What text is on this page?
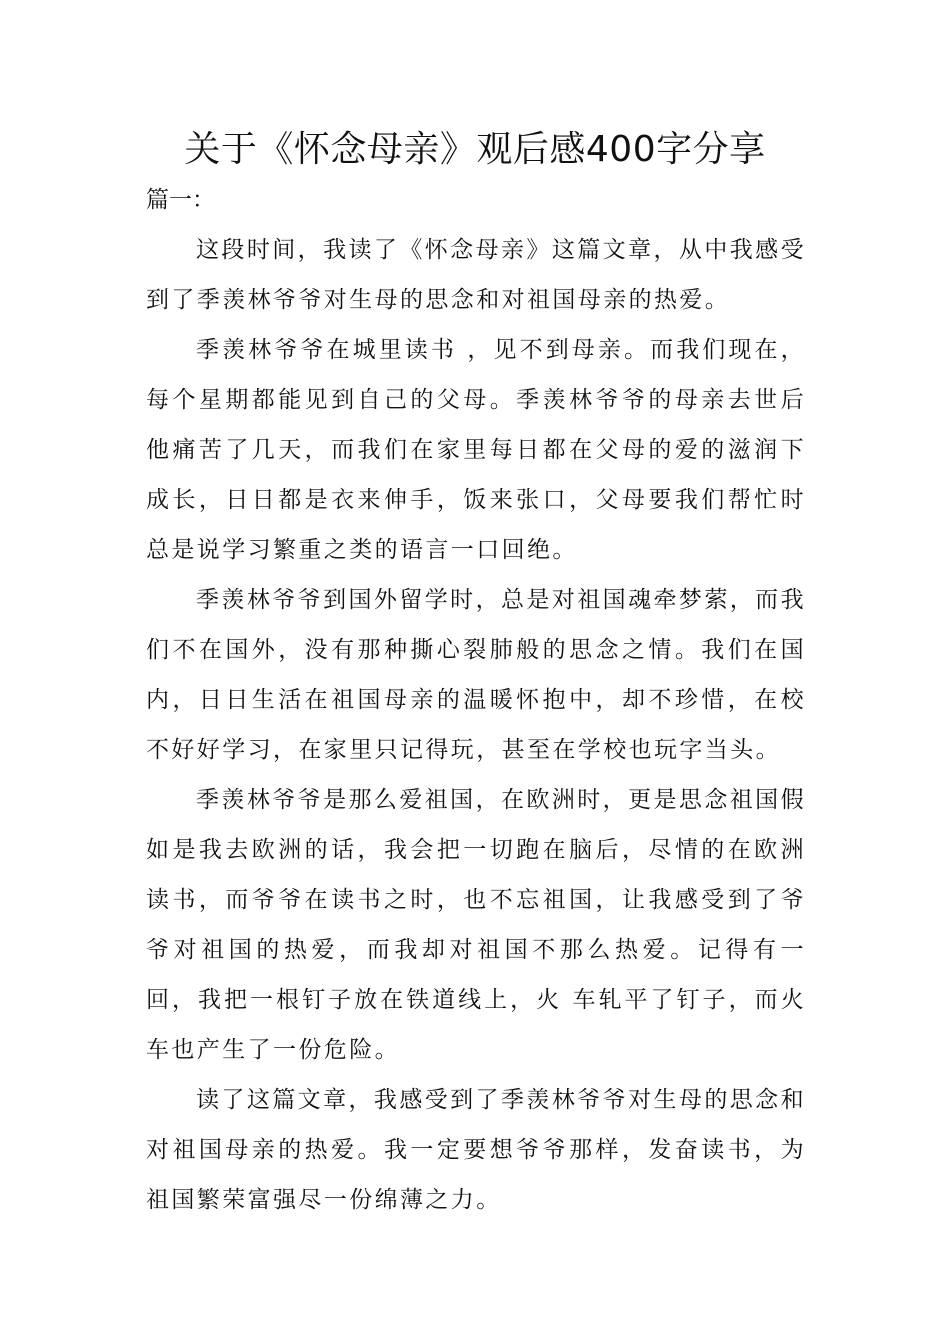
关于《怀念母亲》观后感400字分享

篇一：

这段时间，我读了《怀念母亲》这篇文章，从中我感受到了季羡林爷爷对生母的思念和对祖国母亲的热爱。

季羡林爷爷在城里读书 ，见不到母亲。而我们现在，每个星期都能见到自己的父母。季羡林爷爷的母亲去世后他痛苦了几天，而我们在家里每日都在父母的爱的滋润下成长，日日都是衣来伸手，饭来张口，父母要我们帮忙时总是说学习繁重之类的语言一口回绝。

季羡林爷爷到国外留学时，总是对祖国魂牵梦萦，而我们不在国外，没有那种撕心裂肺般的思念之情。我们在国内，日日生活在祖国母亲的温暖怀抱中，却不珍惜，在校不好好学习，在家里只记得玩，甚至在学校也玩字当头。

季羡林爷爷是那么爱祖国，在欧洲时，更是思念祖国假如是我去欧洲的话，我会把一切跑在脑后，尽情的在欧洲读书，而爷爷在读书之时，也不忘祖国，让我感受到了爷爷对祖国的热爱，而我却对祖国不那么热爱。记得有一回，我把一根钉子放在铁道线上，火 车轧平了钉子，而火车也产生了一份危险。

读了这篇文章，我感受到了季羡林爷爷对生母的思念和对祖国母亲的热爱。我一定要想爷爷那样，发奋读书，为祖国繁荣富强尽一份绵薄之力。
